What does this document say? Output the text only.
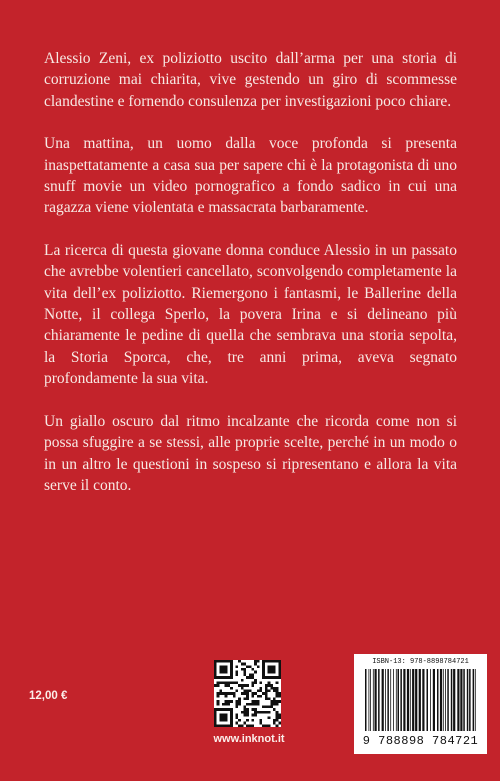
Alessio Zeni, ex poliziotto uscito dall’arma per una storia di corruzione mai chiarita, vive gestendo un giro di scommesse clandestine e fornendo consulenza per investigazioni poco chiare.

Una mattina, un uomo dalla voce profonda si presenta inaspettatamente a casa sua per sapere chi è la protagonista di uno snuff movie un video pornografico a fondo sadico in cui una ragazza viene violentata e massacrata barbaramente.

La ricerca di questa giovane donna conduce Alessio in un passato che avrebbe volentieri cancellato, sconvolgendo completamente la vita dell’ex poliziotto. Riemergono i fantasmi, le Ballerine della Notte, il collega Sperlo, la povera Irina e si delineano più chiaramente le pedine di quella che sembrava una storia sepolta, la Storia Sporca, che, tre anni prima, aveva segnato profondamente la sua vita.

Un giallo oscuro dal ritmo incalzante che ricorda come non si possa sfuggire a se stessi, alle proprie scelte, perché in un modo o in un altro le questioni in sospeso si ripresentano e allora la vita serve il conto.

12,00 €
www.inknot.it
ISBN-13: 978-8898784721
9 788898 784721
